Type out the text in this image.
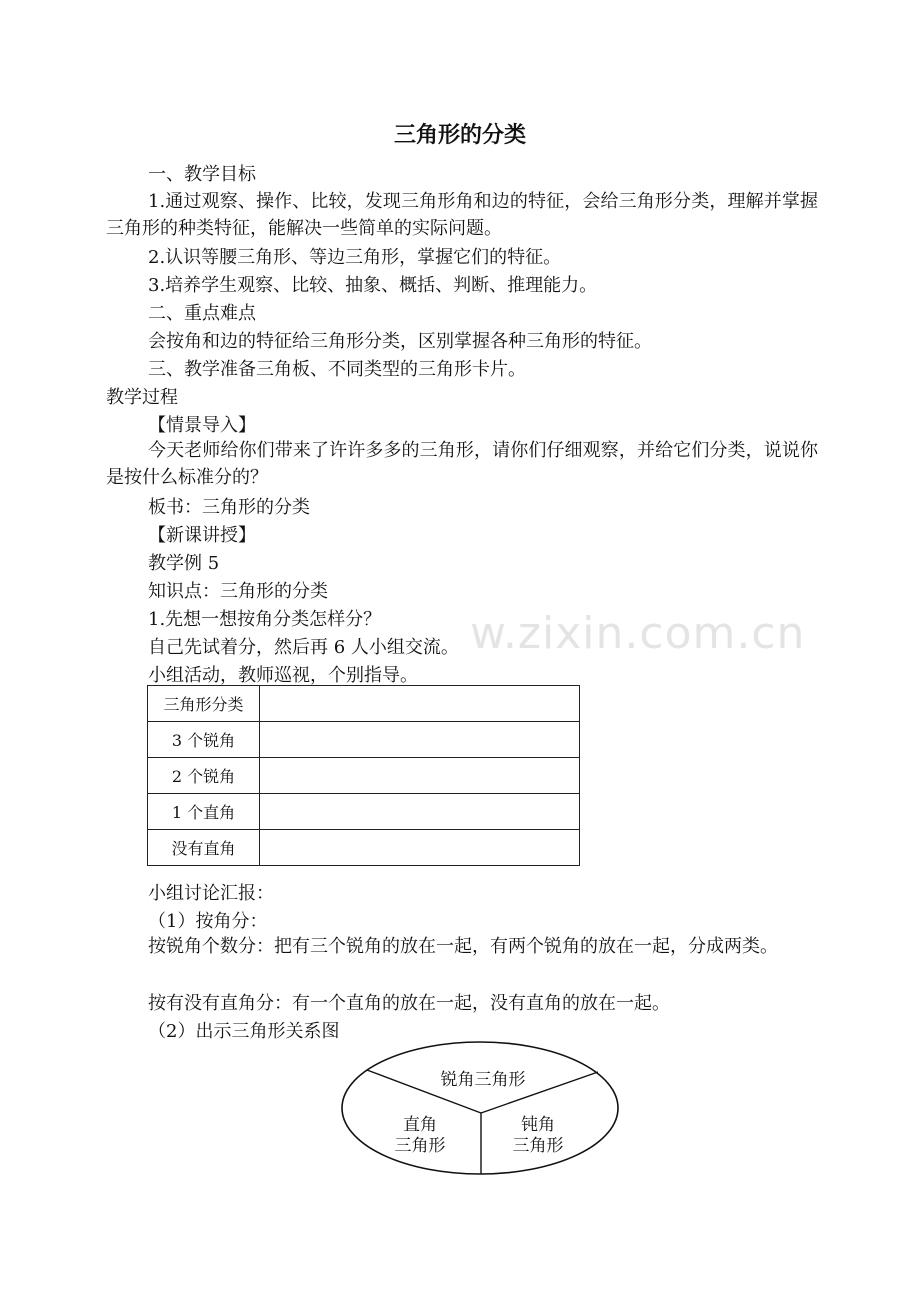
三角形的分类
一、教学目标
1.通过观察、操作、比较，发现三角形角和边的特征，会给三角形分类，理解并掌握三角形的种类特征，能解决一些简单的实际问题。
2.认识等腰三角形、等边三角形，掌握它们的特征。
3.培养学生观察、比较、抽象、概括、判断、推理能力。
二、重点难点
会按角和边的特征给三角形分类，区别掌握各种三角形的特征。
三、教学准备三角板、不同类型的三角形卡片。
教学过程
【情景导入】
今天老师给你们带来了许许多多的三角形，请你们仔细观察，并给它们分类，说说你是按什么标准分的？
板书：三角形的分类
【新课讲授】
教学例 5
知识点：三角形的分类
1.先想一想按角分类怎样分？
自己先试着分，然后再 6 人小组交流。
小组活动，教师巡视，个别指导。
w.zixin.com.cn
三角形分类	
3 个锐角	
2 个锐角	
1 个直角	
没有直角	
小组讨论汇报：
（1）按角分：
按锐角个数分：把有三个锐角的放在一起，有两个锐角的放在一起，分成两类。
按有没有直角分：有一个直角的放在一起，没有直角的放在一起。
（2）出示三角形关系图
锐角三角形
直角
三角形
钝角
三角形
